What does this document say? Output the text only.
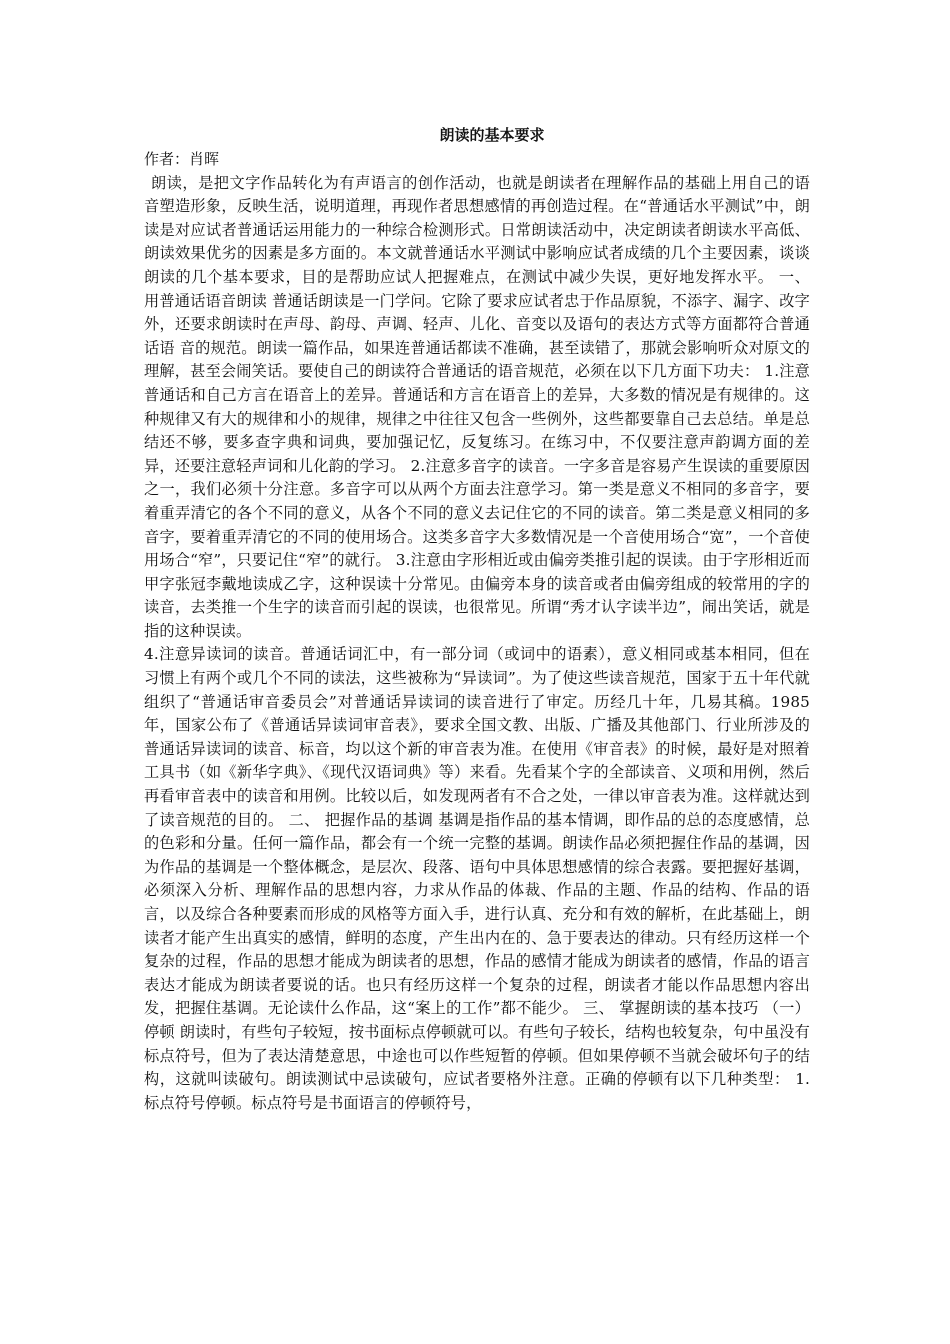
朗读的基本要求
作者：肖晖

朗读，是把文字作品转化为有声语言的创作活动，也就是朗读者在理解作品的基础上用自己的语音塑造形象，反映生活，说明道理，再现作者思想感情的再创造过程。在“普通话水平测试”中，朗读是对应试者普通话运用能力的一种综合检测形式。日常朗读活动中，决定朗读者朗读水平高低、朗读效果优劣的因素是多方面的。本文就普通话水平测试中影响应试者成绩的几个主要因素，谈谈朗读的几个基本要求，目的是帮助应试人把握难点，在测试中减少失误，更好地发挥水平。 一、 用普通话语音朗读 普通话朗读是一门学问。它除了要求应试者忠于作品原貌，不添字、漏字、改字外，还要求朗读时在声母、韵母、声调、轻声、儿化、音变以及语句的表达方式等方面都符合普通话语 音的规范。朗读一篇作品，如果连普通话都读不准确，甚至读错了，那就会影响听众对原文的理解，甚至会闹笑话。要使自己的朗读符合普通话的语音规范，必须在以下几方面下功夫： 1.注意普通话和自己方言在语音上的差异。普通话和方言在语音上的差异，大多数的情况是有规律的。这种规律又有大的规律和小的规律，规律之中往往又包含一些例外，这些都要靠自己去总结。单是总结还不够，要多查字典和词典，要加强记忆，反复练习。在练习中，不仅要注意声韵调方面的差异，还要注意轻声词和儿化韵的学习。 2.注意多音字的读音。一字多音是容易产生误读的重要原因之一，我们必须十分注意。多音字可以从两个方面去注意学习。第一类是意义不相同的多音字，要着重弄清它的各个不同的意义，从各个不同的意义去记住它的不同的读音。第二类是意义相同的多音字，要着重弄清它的不同的使用场合。这类多音字大多数情况是一个音使用场合“宽”，一个音使用场合“窄”，只要记住“窄”的就行。 3.注意由字形相近或由偏旁类推引起的误读。由于字形相近而甲字张冠李戴地读成乙字，这种误读十分常见。由偏旁本身的读音或者由偏旁组成的较常用的字的读音，去类推一个生字的读音而引起的误读，也很常见。所谓“秀才认字读半边”，闹出笑话，就是指的这种误读。

4.注意异读词的读音。普通话词汇中，有一部分词（或词中的语素），意义相同或基本相同，但在习惯上有两个或几个不同的读法，这些被称为“异读词”。为了使这些读音规范，国家于五十年代就组织了“普通话审音委员会”对普通话异读词的读音进行了审定。历经几十年，几易其稿。1985年，国家公布了《普通话异读词审音表》，要求全国文教、出版、广播及其他部门、行业所涉及的普通话异读词的读音、标音，均以这个新的审音表为准。在使用《审音表》的时候，最好是对照着工具书（如《新华字典》、《现代汉语词典》等）来看。先看某个字的全部读音、义项和用例，然后再看审音表中的读音和用例。比较以后，如发现两者有不合之处，一律以审音表为准。这样就达到了读音规范的目的。 二、 把握作品的基调 基调是指作品的基本情调，即作品的总的态度感情，总的色彩和分量。任何一篇作品，都会有一个统一完整的基调。朗读作品必须把握住作品的基调，因为作品的基调是一个整体概念，是层次、段落、语句中具体思想感情的综合表露。要把握好基调，必须深入分析、理解作品的思想内容，力求从作品的体裁、作品的主题、作品的结构、作品的语言，以及综合各种要素而形成的风格等方面入手，进行认真、充分和有效的解析，在此基础上，朗读者才能产生出真实的感情，鲜明的态度，产生出内在的、急于要表达的律动。只有经历这样一个复杂的过程，作品的思想才能成为朗读者的思想，作品的感情才能成为朗读者的感情，作品的语言表达才能成为朗读者要说的话。也只有经历这样一个复杂的过程，朗读者才能以作品思想内容出发，把握住基调。无论读什么作品，这“案上的工作”都不能少。 三、 掌握朗读的基本技巧 （一） 停顿 朗读时，有些句子较短，按书面标点停顿就可以。有些句子较长，结构也较复杂，句中虽没有标点符号，但为了表达清楚意思，中途也可以作些短暂的停顿。但如果停顿不当就会破坏句子的结构，这就叫读破句。朗读测试中忌读破句，应试者要格外注意。正确的停顿有以下几种类型： 1. 标点符号停顿。标点符号是书面语言的停顿符号，
